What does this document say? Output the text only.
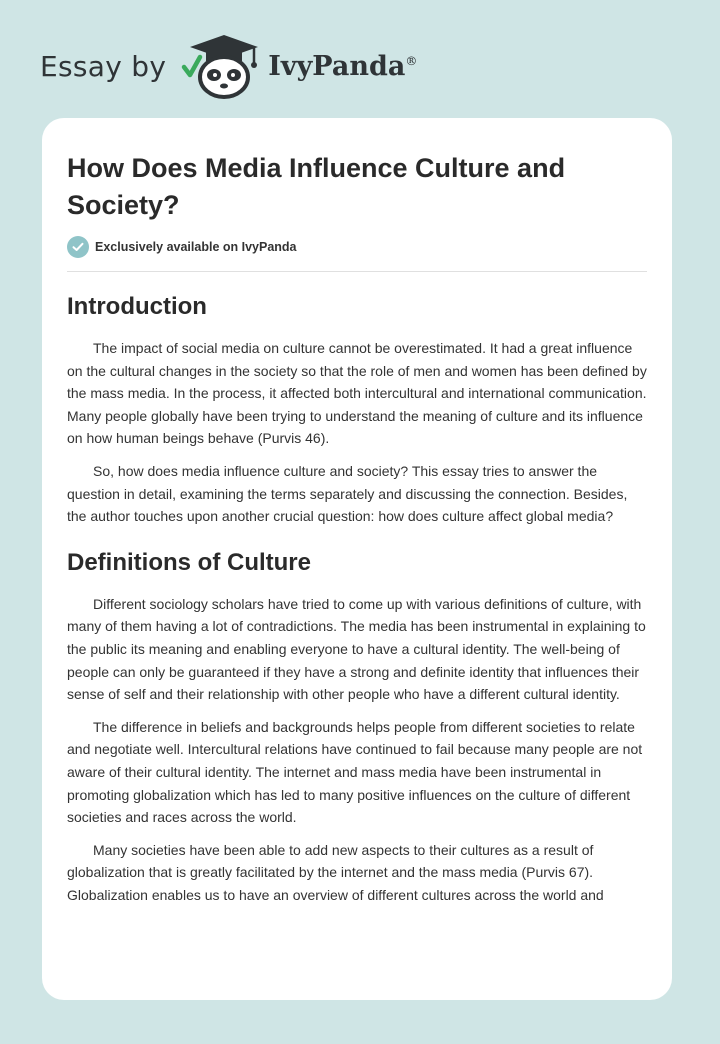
Essay by	IvyPanda®
How Does Media Influence Culture and Society?
Exclusively available on IvyPanda
Introduction

The impact of social media on culture cannot be overestimated. It had a great influence on the cultural changes in the society so that the role of men and women has been defined by the mass media. In the process, it affected both intercultural and international communication. Many people globally have been trying to understand the meaning of culture and its influence on how human beings behave (Purvis 46).

So, how does media influence culture and society? This essay tries to answer the question in detail, examining the terms separately and discussing the connection. Besides, the author touches upon another crucial question: how does culture affect global media?

Definitions of Culture

Different sociology scholars have tried to come up with various definitions of culture, with many of them having a lot of contradictions. The media has been instrumental in explaining to the public its meaning and enabling everyone to have a cultural identity. The well-being of people can only be guaranteed if they have a strong and definite identity that influences their sense of self and their relationship with other people who have a different cultural identity.

The difference in beliefs and backgrounds helps people from different societies to relate and negotiate well. Intercultural relations have continued to fail because many people are not aware of their cultural identity. The internet and mass media have been instrumental in promoting globalization which has led to many positive influences on the culture of different societies and races across the world.

Many societies have been able to add new aspects to their cultures as a result of globalization that is greatly facilitated by the internet and the mass media (Purvis 67). Globalization enables us to have an overview of different cultures across the world and
